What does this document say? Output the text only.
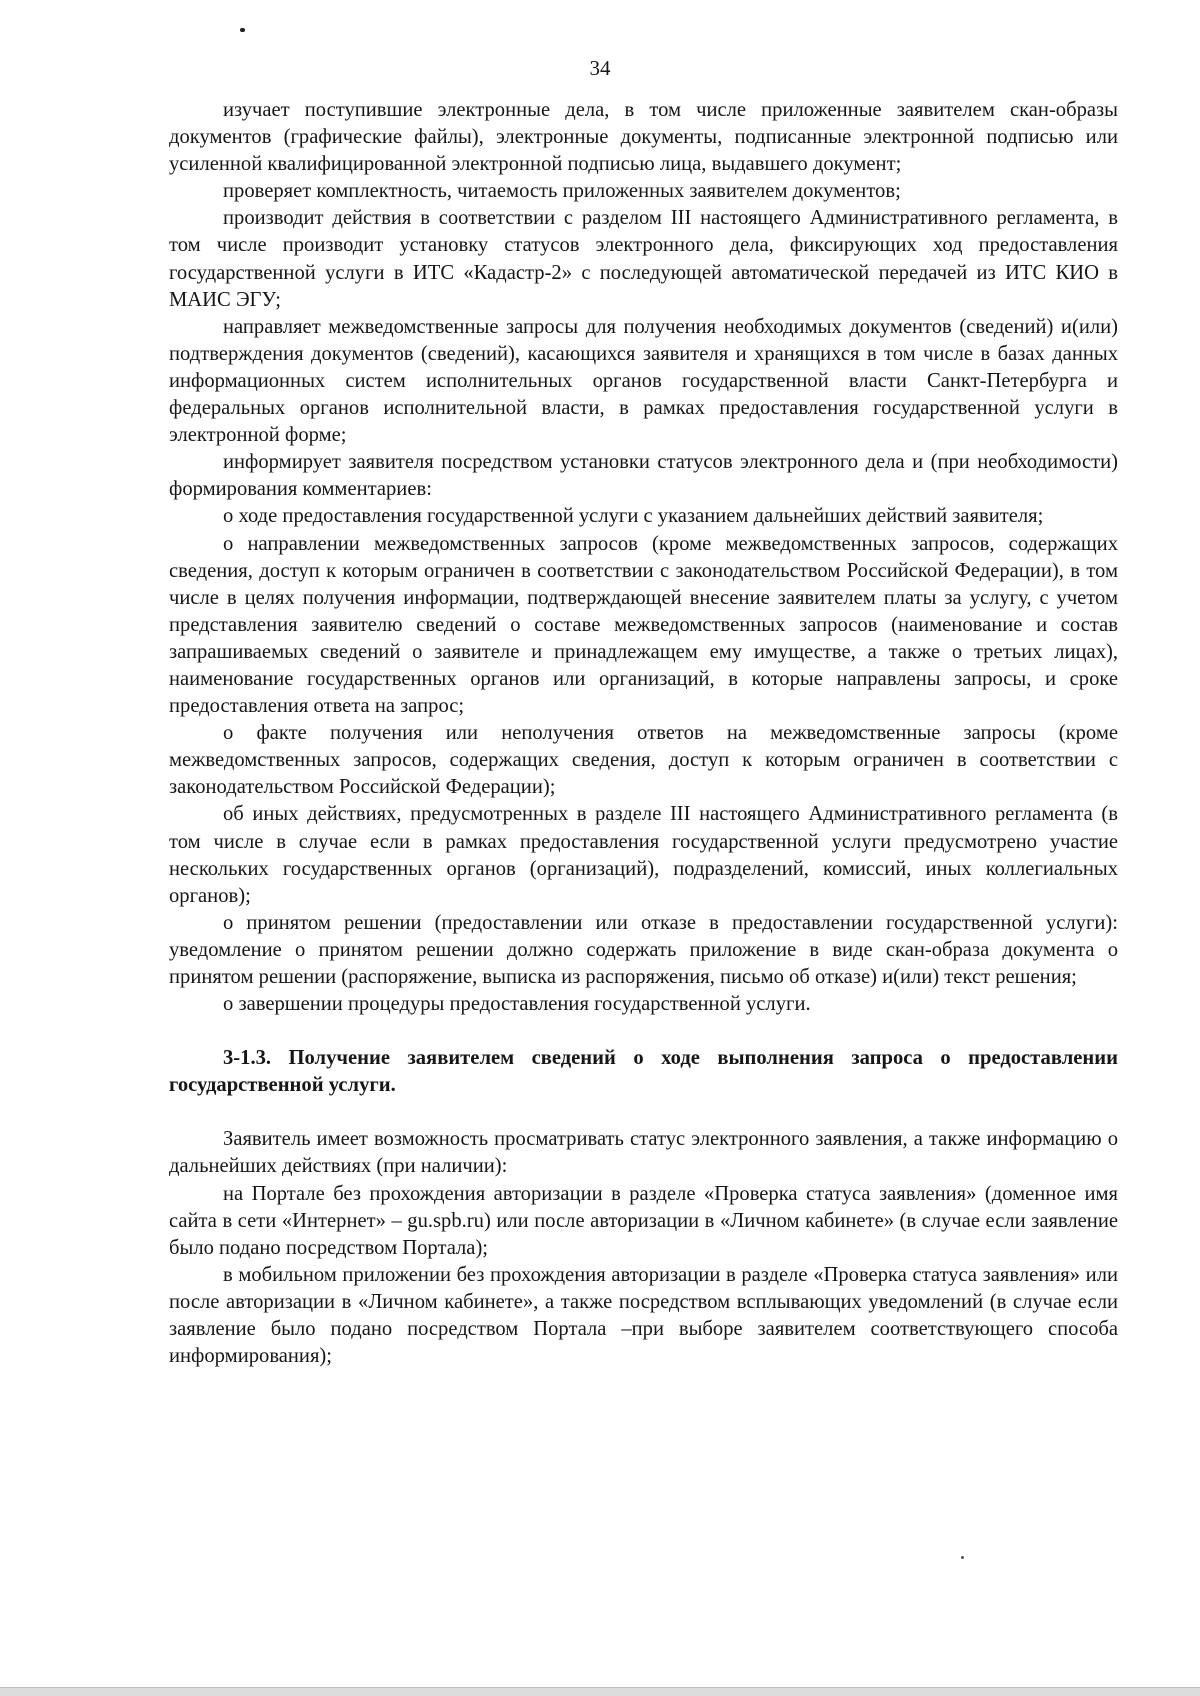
34

изучает поступившие электронные дела, в том числе приложенные заявителем скан-образы документов (графические файлы), электронные документы, подписанные электронной подписью или усиленной квалифицированной электронной подписью лица, выдавшего документ;

проверяет комплектность, читаемость приложенных заявителем документов;

производит действия в соответствии с разделом III настоящего Административного регламента, в том числе производит установку статусов электронного дела, фиксирующих ход предоставления государственной услуги в ИТС «Кадастр-2» с последующей автоматической передачей из ИТС КИО в МАИС ЭГУ;

направляет межведомственные запросы для получения необходимых документов (сведений) и(или) подтверждения документов (сведений), касающихся заявителя и хранящихся в том числе в базах данных информационных систем исполнительных органов государственной власти Санкт-Петербурга и федеральных органов исполнительной власти, в рамках предоставления государственной услуги в электронной форме;

информирует заявителя посредством установки статусов электронного дела и (при необходимости) формирования комментариев:

о ходе предоставления государственной услуги с указанием дальнейших действий заявителя;

о направлении межведомственных запросов (кроме межведомственных запросов, содержащих сведения, доступ к которым ограничен в соответствии с законодательством Российской Федерации), в том числе в целях получения информации, подтверждающей внесение заявителем платы за услугу, с учетом представления заявителю сведений о составе межведомственных запросов (наименование и состав запрашиваемых сведений о заявителе и принадлежащем ему имуществе, а также о третьих лицах), наименование государственных органов или организаций, в которые направлены запросы, и сроке предоставления ответа на запрос;

о факте получения или неполучения ответов на межведомственные запросы (кроме межведомственных запросов, содержащих сведения, доступ к которым ограничен в соответствии с законодательством Российской Федерации);

об иных действиях, предусмотренных в разделе III настоящего Административного регламента (в том числе в случае если в рамках предоставления государственной услуги предусмотрено участие нескольких государственных органов (организаций), подразделений, комиссий, иных коллегиальных органов);

о принятом решении (предоставлении или отказе в предоставлении государственной услуги): уведомление о принятом решении должно содержать приложение в виде скан-образа документа о принятом решении (распоряжение, выписка из распоряжения, письмо об отказе) и(или) текст решения;

о завершении процедуры предоставления государственной услуги.

3-1.3. Получение заявителем сведений о ходе выполнения запроса о предоставлении государственной услуги.

Заявитель имеет возможность просматривать статус электронного заявления, а также информацию о дальнейших действиях (при наличии):

на Портале без прохождения авторизации в разделе «Проверка статуса заявления» (доменное имя сайта в сети «Интернет» – gu.spb.ru) или после авторизации в «Личном кабинете» (в случае если заявление было подано посредством Портала);

в мобильном приложении без прохождения авторизации в разделе «Проверка статуса заявления» или после авторизации в «Личном кабинете», а также посредством всплывающих уведомлений (в случае если заявление было подано посредством Портала –при выборе заявителем соответствующего способа информирования);
